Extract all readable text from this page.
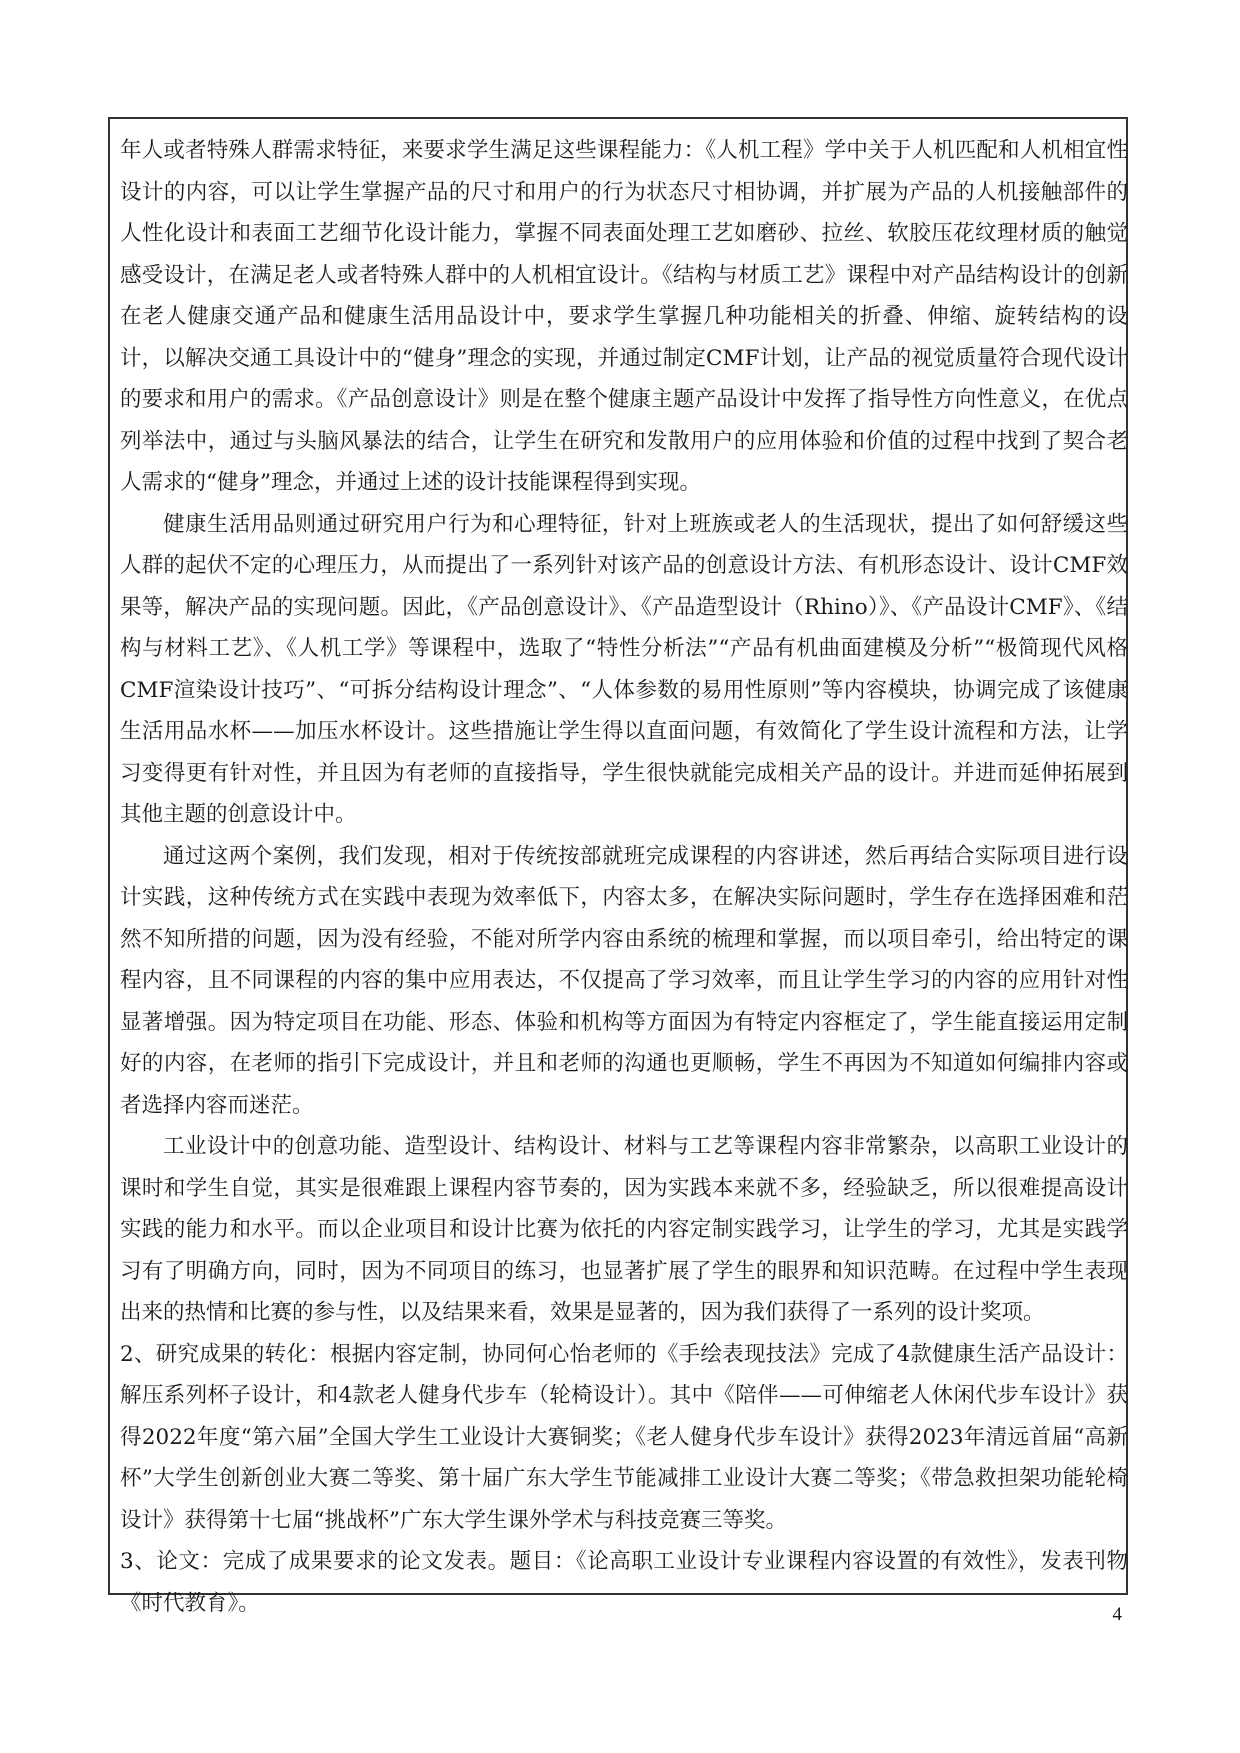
年人或者特殊人群需求特征，来要求学生满足这些课程能力：《人机工程》学中关于人机匹配和人机相宜性设计的内容，可以让学生掌握产品的尺寸和用户的行为状态尺寸相协调，并扩展为产品的人机接触部件的人性化设计和表面工艺细节化设计能力，掌握不同表面处理工艺如磨砂、拉丝、软胶压花纹理材质的触觉感受设计，在满足老人或者特殊人群中的人机相宜设计。《结构与材质工艺》课程中对产品结构设计的创新在老人健康交通产品和健康生活用品设计中，要求学生掌握几种功能相关的折叠、伸缩、旋转结构的设计，以解决交通工具设计中的“健身”理念的实现，并通过制定CMF计划，让产品的视觉质量符合现代设计的要求和用户的需求。《产品创意设计》则是在整个健康主题产品设计中发挥了指导性方向性意义，在优点列举法中，通过与头脑风暴法的结合，让学生在研究和发散用户的应用体验和价值的过程中找到了契合老人需求的“健身”理念，并通过上述的设计技能课程得到实现。

健康生活用品则通过研究用户行为和心理特征，针对上班族或老人的生活现状，提出了如何舒缓这些人群的起伏不定的心理压力，从而提出了一系列针对该产品的创意设计方法、有机形态设计、设计CMF效果等，解决产品的实现问题。因此，《产品创意设计》、《产品造型设计（Rhino）》、《产品设计CMF》、《结构与材料工艺》、《人机工学》等课程中，选取了“特性分析法”“产品有机曲面建模及分析”“极简现代风格CMF渲染设计技巧”、“可拆分结构设计理念”、“人体参数的易用性原则”等内容模块，协调完成了该健康生活用品水杯——加压水杯设计。这些措施让学生得以直面问题，有效简化了学生设计流程和方法，让学习变得更有针对性，并且因为有老师的直接指导，学生很快就能完成相关产品的设计。并进而延伸拓展到其他主题的创意设计中。

通过这两个案例，我们发现，相对于传统按部就班完成课程的内容讲述，然后再结合实际项目进行设计实践，这种传统方式在实践中表现为效率低下，内容太多，在解决实际问题时，学生存在选择困难和茫然不知所措的问题，因为没有经验，不能对所学内容由系统的梳理和掌握，而以项目牵引，给出特定的课程内容，且不同课程的内容的集中应用表达，不仅提高了学习效率，而且让学生学习的内容的应用针对性显著增强。因为特定项目在功能、形态、体验和机构等方面因为有特定内容框定了，学生能直接运用定制好的内容，在老师的指引下完成设计，并且和老师的沟通也更顺畅，学生不再因为不知道如何编排内容或者选择内容而迷茫。

工业设计中的创意功能、造型设计、结构设计、材料与工艺等课程内容非常繁杂，以高职工业设计的课时和学生自觉，其实是很难跟上课程内容节奏的，因为实践本来就不多，经验缺乏，所以很难提高设计实践的能力和水平。而以企业项目和设计比赛为依托的内容定制实践学习，让学生的学习，尤其是实践学习有了明确方向，同时，因为不同项目的练习，也显著扩展了学生的眼界和知识范畴。在过程中学生表现出来的热情和比赛的参与性，以及结果来看，效果是显著的，因为我们获得了一系列的设计奖项。

2、研究成果的转化：根据内容定制，协同何心怡老师的《手绘表现技法》完成了4款健康生活产品设计：解压系列杯子设计，和4款老人健身代步车（轮椅设计）。其中《陪伴——可伸缩老人休闲代步车设计》获得2022年度“第六届”全国大学生工业设计大赛铜奖；《老人健身代步车设计》获得2023年清远首届“高新杯”大学生创新创业大赛二等奖、第十届广东大学生节能减排工业设计大赛二等奖；《带急救担架功能轮椅设计》获得第十七届“挑战杯”广东大学生课外学术与科技竞赛三等奖。

3、论文：完成了成果要求的论文发表。题目：《论高职工业设计专业课程内容设置的有效性》，发表刊物《时代教育》。	4
